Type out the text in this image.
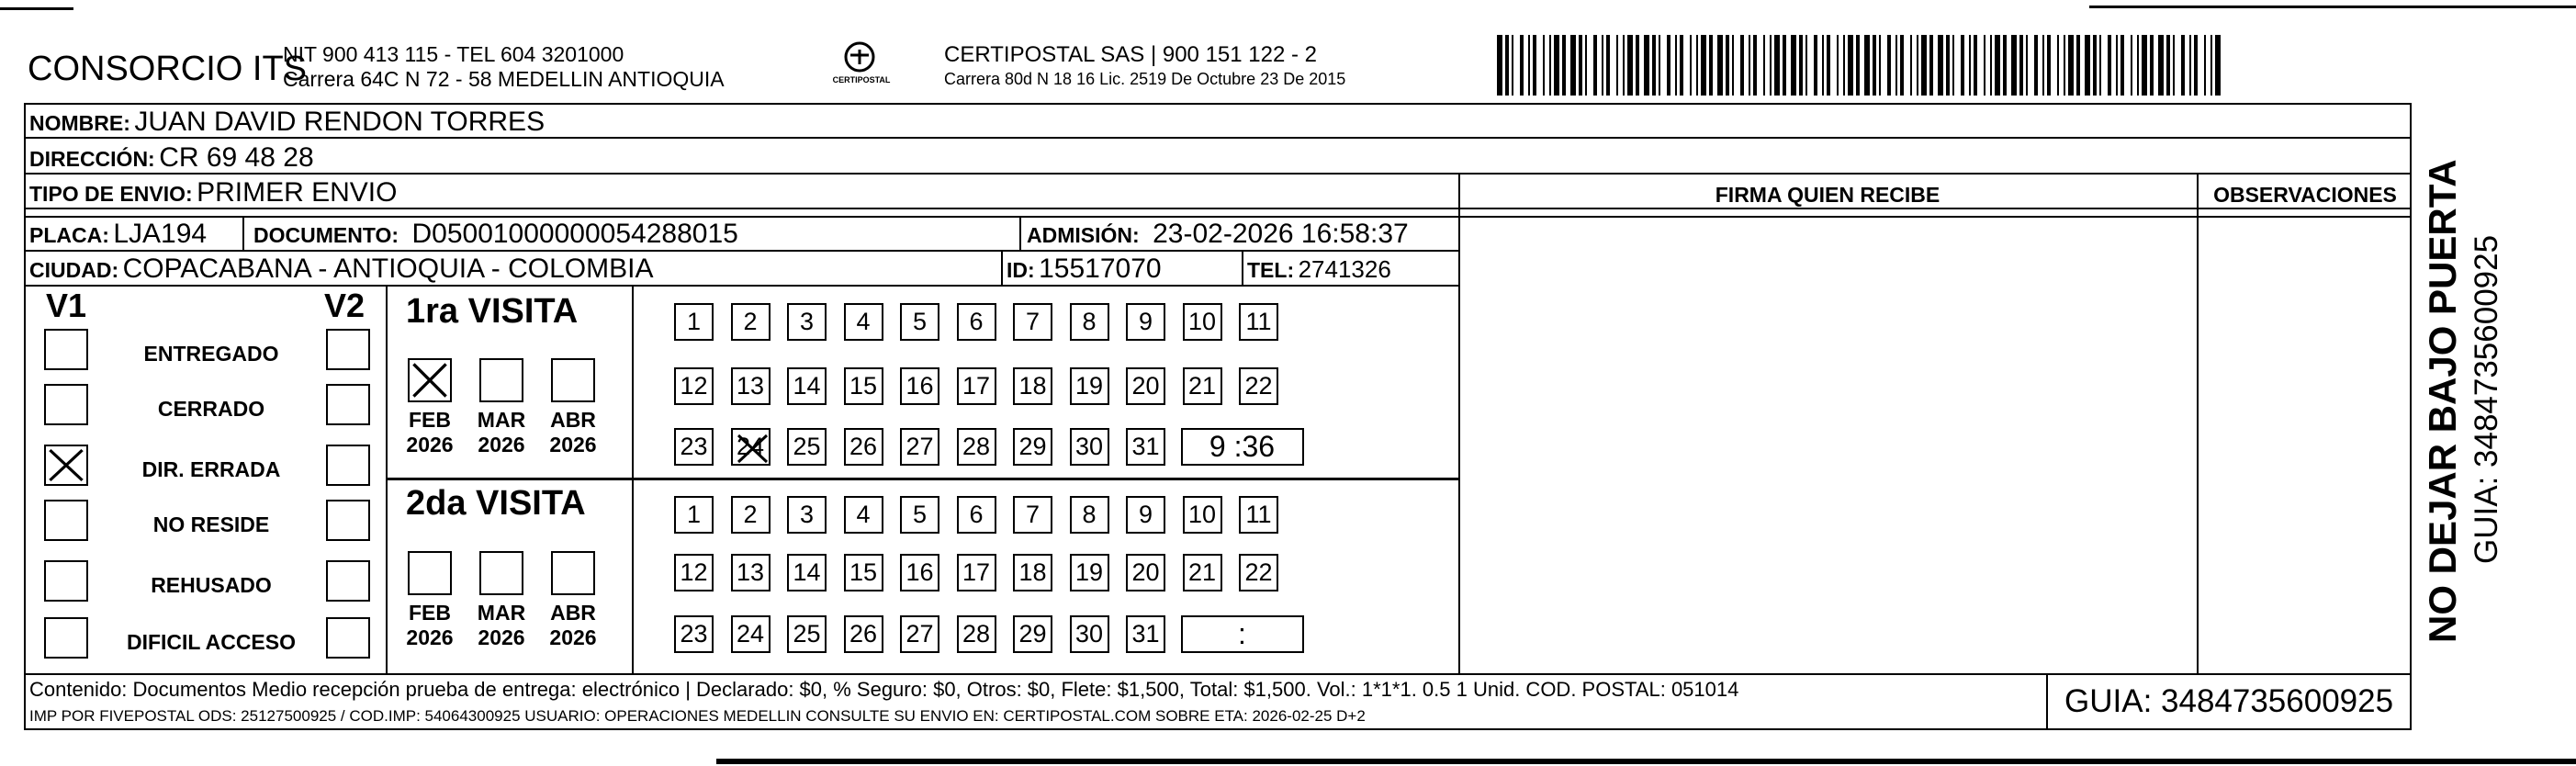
CONSORCIO ITS
NIT 900 413 115 - TEL 604 3201000
Carrera 64C N 72 - 58 MEDELLIN ANTIOQUIA	CERTIPOSTAL
CERTIPOSTAL SAS | 900 151 122 - 2
Carrera 80d N 18 16 Lic. 2519 De Octubre 23 De 2015
NOMBRE: JUAN DAVID RENDON TORRES
DIRECCIÓN: CR 69 48 28
TIPO DE ENVIO: PRIMER ENVIO	FIRMA QUIEN RECIBE	OBSERVACIONES
PLACA: LJA194 DOCUMENTO: D05001000000054288015	ADMISIÓN: 23-02-2026 16:58:37
CIUDAD: COPACABANA - ANTIOQUIA - COLOMBIA	ID: 15517070	TEL: 2741326
V1	V2 1ra VISITA
2da VISITA
Contenido: Documentos Medio recepción prueba de entrega: electrónico | Declarado: $0, % Seguro: $0, Otros: $0, Flete: $1,500, Total: $1,500. Vol.: 1*1*1. 0.5 1 Unid. COD. POSTAL: 051014
IMP POR FIVEPOSTAL ODS: 25127500925 / COD.IMP: 54064300925 USUARIO: OPERACIONES MEDELLIN CONSULTE SU ENVIO EN: CERTIPOSTAL.COM SOBRE ETA: 2026-02-25 D+2	GUIA: 3484735600925
NO DEJAR BAJO PUERTA GUIA: 3484735600925
ENTREGADO
CERRADO
DIR. ERRADA
NO RESIDE
REHUSADO
DIFICIL ACCESO
FEB
2026
MAR
2026
ABR
2026
FEB
2026
MAR
2026
ABR
2026
1	2	3	4	5	6	7	8	9	10 11
12 13 14 15 16 17 18 19 20 21 22
23 24 25 26 27 28 29 30 31	9 :36
1	2	3	4	5	6	7	8	9	10 11
12 13 14 15 16 17 18 19 20 21 22
23 24 25 26 27 28 29 30 31	:
